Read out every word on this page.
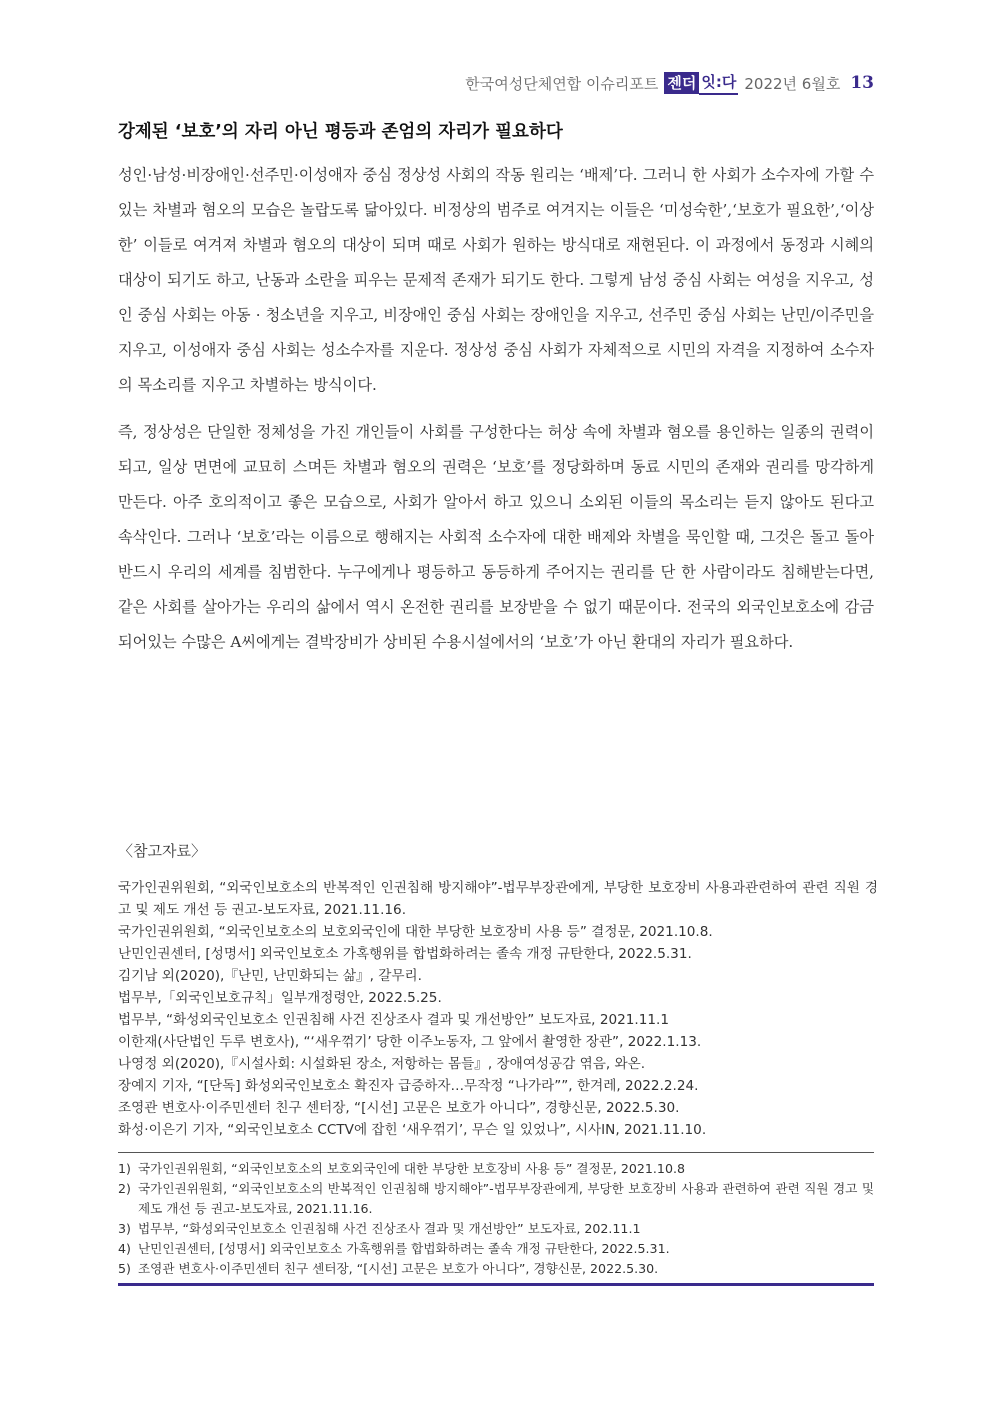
한국여성단체연합 이슈리포트 젠더 잇:다 2022년 6월호 13
강제된 ‘보호’의 자리 아닌 평등과 존엄의 자리가 필요하다

성인·남성·비장애인·선주민·이성애자 중심 정상성 사회의 작동 원리는 ‘배제’다. 그러니 한 사회가 소수자에 가할 수 있는 차별과 혐오의 모습은 놀랍도록 닮아있다. 비정상의 범주로 여겨지는 이들은 ‘미성숙한’,‘보호가 필요한’,‘이상한’ 이들로 여겨져 차별과 혐오의 대상이 되며 때로 사회가 원하는 방식대로 재현된다. 이 과정에서 동정과 시혜의 대상이 되기도 하고, 난동과 소란을 피우는 문제적 존재가 되기도 한다. 그렇게 남성 중심 사회는 여성을 지우고, 성인 중심 사회는 아동 · 청소년을 지우고, 비장애인 중심 사회는 장애인을 지우고, 선주민 중심 사회는 난민/이주민을 지우고, 이성애자 중심 사회는 성소수자를 지운다. 정상성 중심 사회가 자체적으로 시민의 자격을 지정하여 소수자의 목소리를 지우고 차별하는 방식이다.

즉, 정상성은 단일한 정체성을 가진 개인들이 사회를 구성한다는 허상 속에 차별과 혐오를 용인하는 일종의 권력이 되고, 일상 면면에 교묘히 스며든 차별과 혐오의 권력은 ‘보호’를 정당화하며 동료 시민의 존재와 권리를 망각하게 만든다. 아주 호의적이고 좋은 모습으로, 사회가 알아서 하고 있으니 소외된 이들의 목소리는 듣지 않아도 된다고 속삭인다. 그러나 ‘보호’라는 이름으로 행해지는 사회적 소수자에 대한 배제와 차별을 묵인할 때, 그것은 돌고 돌아 반드시 우리의 세계를 침범한다. 누구에게나 평등하고 동등하게 주어지는 권리를 단 한 사람이라도 침해받는다면, 같은 사회를 살아가는 우리의 삶에서 역시 온전한 권리를 보장받을 수 없기 때문이다. 전국의 외국인보호소에 감금되어있는 수많은 A씨에게는 결박장비가 상비된 수용시설에서의 ‘보호’가 아닌 환대의 자리가 필요하다.

〈참고자료〉
국가인권위원회, “외국인보호소의 반복적인 인권침해 방지해야”-법무부장관에게, 부당한 보호장비 사용과관련하여 관련 직원 경고 및 제도 개선 등 권고-보도자료, 2021.11.16.
국가인권위원회, “외국인보호소의 보호외국인에 대한 부당한 보호장비 사용 등” 결정문, 2021.10.8.
난민인권센터, [성명서] 외국인보호소 가혹행위를 합법화하려는 졸속 개정 규탄한다, 2022.5.31.
김기남 외(2020),『난민, 난민화되는 삶』, 갈무리.
법무부,「외국인보호규칙」일부개정령안, 2022.5.25.
법무부, “화성외국인보호소 인권침해 사건 진상조사 결과 및 개선방안” 보도자료, 2021.11.1
이한재(사단법인 두루 변호사), “‘새우꺾기’ 당한 이주노동자, 그 앞에서 촬영한 장관”, 2022.1.13.
나영정 외(2020),『시설사회: 시설화된 장소, 저항하는 몸들』, 장애여성공감 엮음, 와온.
장예지 기자, “[단독] 화성외국인보호소 확진자 급증하자…무작정 “나가라””, 한겨레, 2022.2.24.
조영관 변호사·이주민센터 친구 센터장, “[시선] 고문은 보호가 아니다”, 경향신문, 2022.5.30.
화성·이은기 기자, “외국인보호소 CCTV에 잡힌 ‘새우꺾기’, 무슨 일 있었나”, 시사IN, 2021.11.10.
1) 국가인권위원회, “외국인보호소의 보호외국인에 대한 부당한 보호장비 사용 등” 결정문, 2021.10.8
2) 국가인권위원회, “외국인보호소의 반복적인 인권침해 방지해야”-법무부장관에게, 부당한 보호장비 사용과 관련하여 관련 직원 경고 및 제도 개선 등 권고-보도자료, 2021.11.16.
3) 법무부, “화성외국인보호소 인권침해 사건 진상조사 결과 및 개선방안” 보도자료, 202.11.1
4) 난민인권센터, [성명서] 외국인보호소 가혹행위를 합법화하려는 졸속 개정 규탄한다, 2022.5.31.
5) 조영관 변호사·이주민센터 친구 센터장, “[시선] 고문은 보호가 아니다”, 경향신문, 2022.5.30.
